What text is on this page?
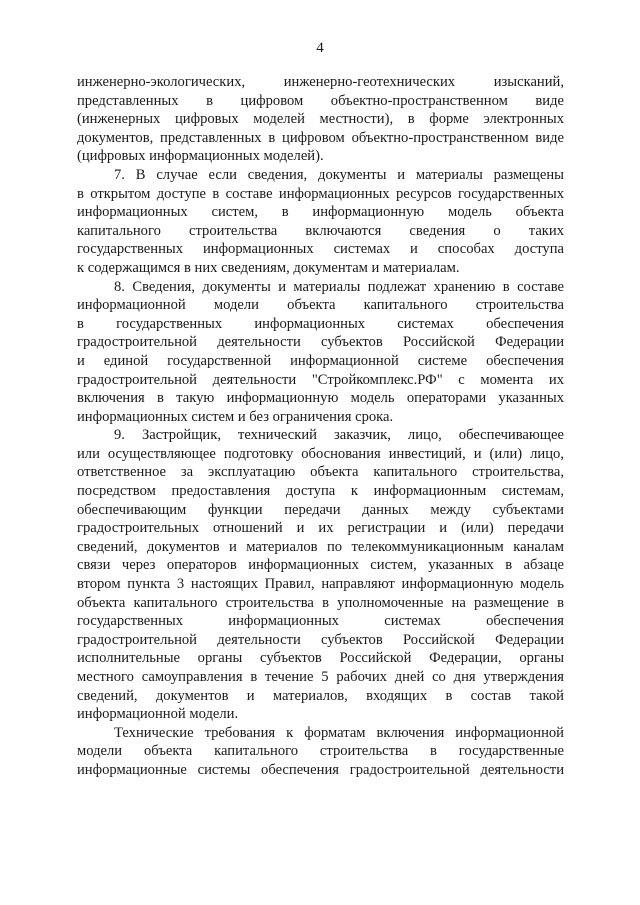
4

инженерно-экологических, инженерно-геотехнических изысканий,
представленных в цифровом объектно-пространственном виде
(инженерных цифровых моделей местности), в форме электронных
документов, представленных в цифровом объектно-пространственном виде
(цифровых информационных моделей).

7. В случае если сведения, документы и материалы размещены
в открытом доступе в составе информационных ресурсов государственных
информационных систем, в информационную модель объекта
капитального строительства включаются сведения о таких
государственных информационных системах и способах доступа
к содержащимся в них сведениям, документам и материалам.

8. Сведения, документы и материалы подлежат хранению в составе
информационной модели объекта капитального строительства
в государственных информационных системах обеспечения
градостроительной деятельности субъектов Российской Федерации
и единой государственной информационной системе обеспечения
градостроительной деятельности "Стройкомплекс.РФ" с момента их
включения в такую информационную модель операторами указанных
информационных систем и без ограничения срока.

9. Застройщик, технический заказчик, лицо, обеспечивающее
или осуществляющее подготовку обоснования инвестиций, и (или) лицо,
ответственное за эксплуатацию объекта капитального строительства,
посредством предоставления доступа к информационным системам,
обеспечивающим функции передачи данных между субъектами
градостроительных отношений и их регистрации и (или) передачи
сведений, документов и материалов по телекоммуникационным каналам
связи через операторов информационных систем, указанных в абзаце
втором пункта 3 настоящих Правил, направляют информационную модель
объекта капитального строительства в уполномоченные на размещение в
государственных информационных системах обеспечения
градостроительной деятельности субъектов Российской Федерации
исполнительные органы субъектов Российской Федерации, органы
местного самоуправления в течение 5 рабочих дней со дня утверждения
сведений, документов и материалов, входящих в состав такой
информационной модели.

Технические требования к форматам включения информационной
модели объекта капитального строительства в государственные
информационные системы обеспечения градостроительной деятельности
